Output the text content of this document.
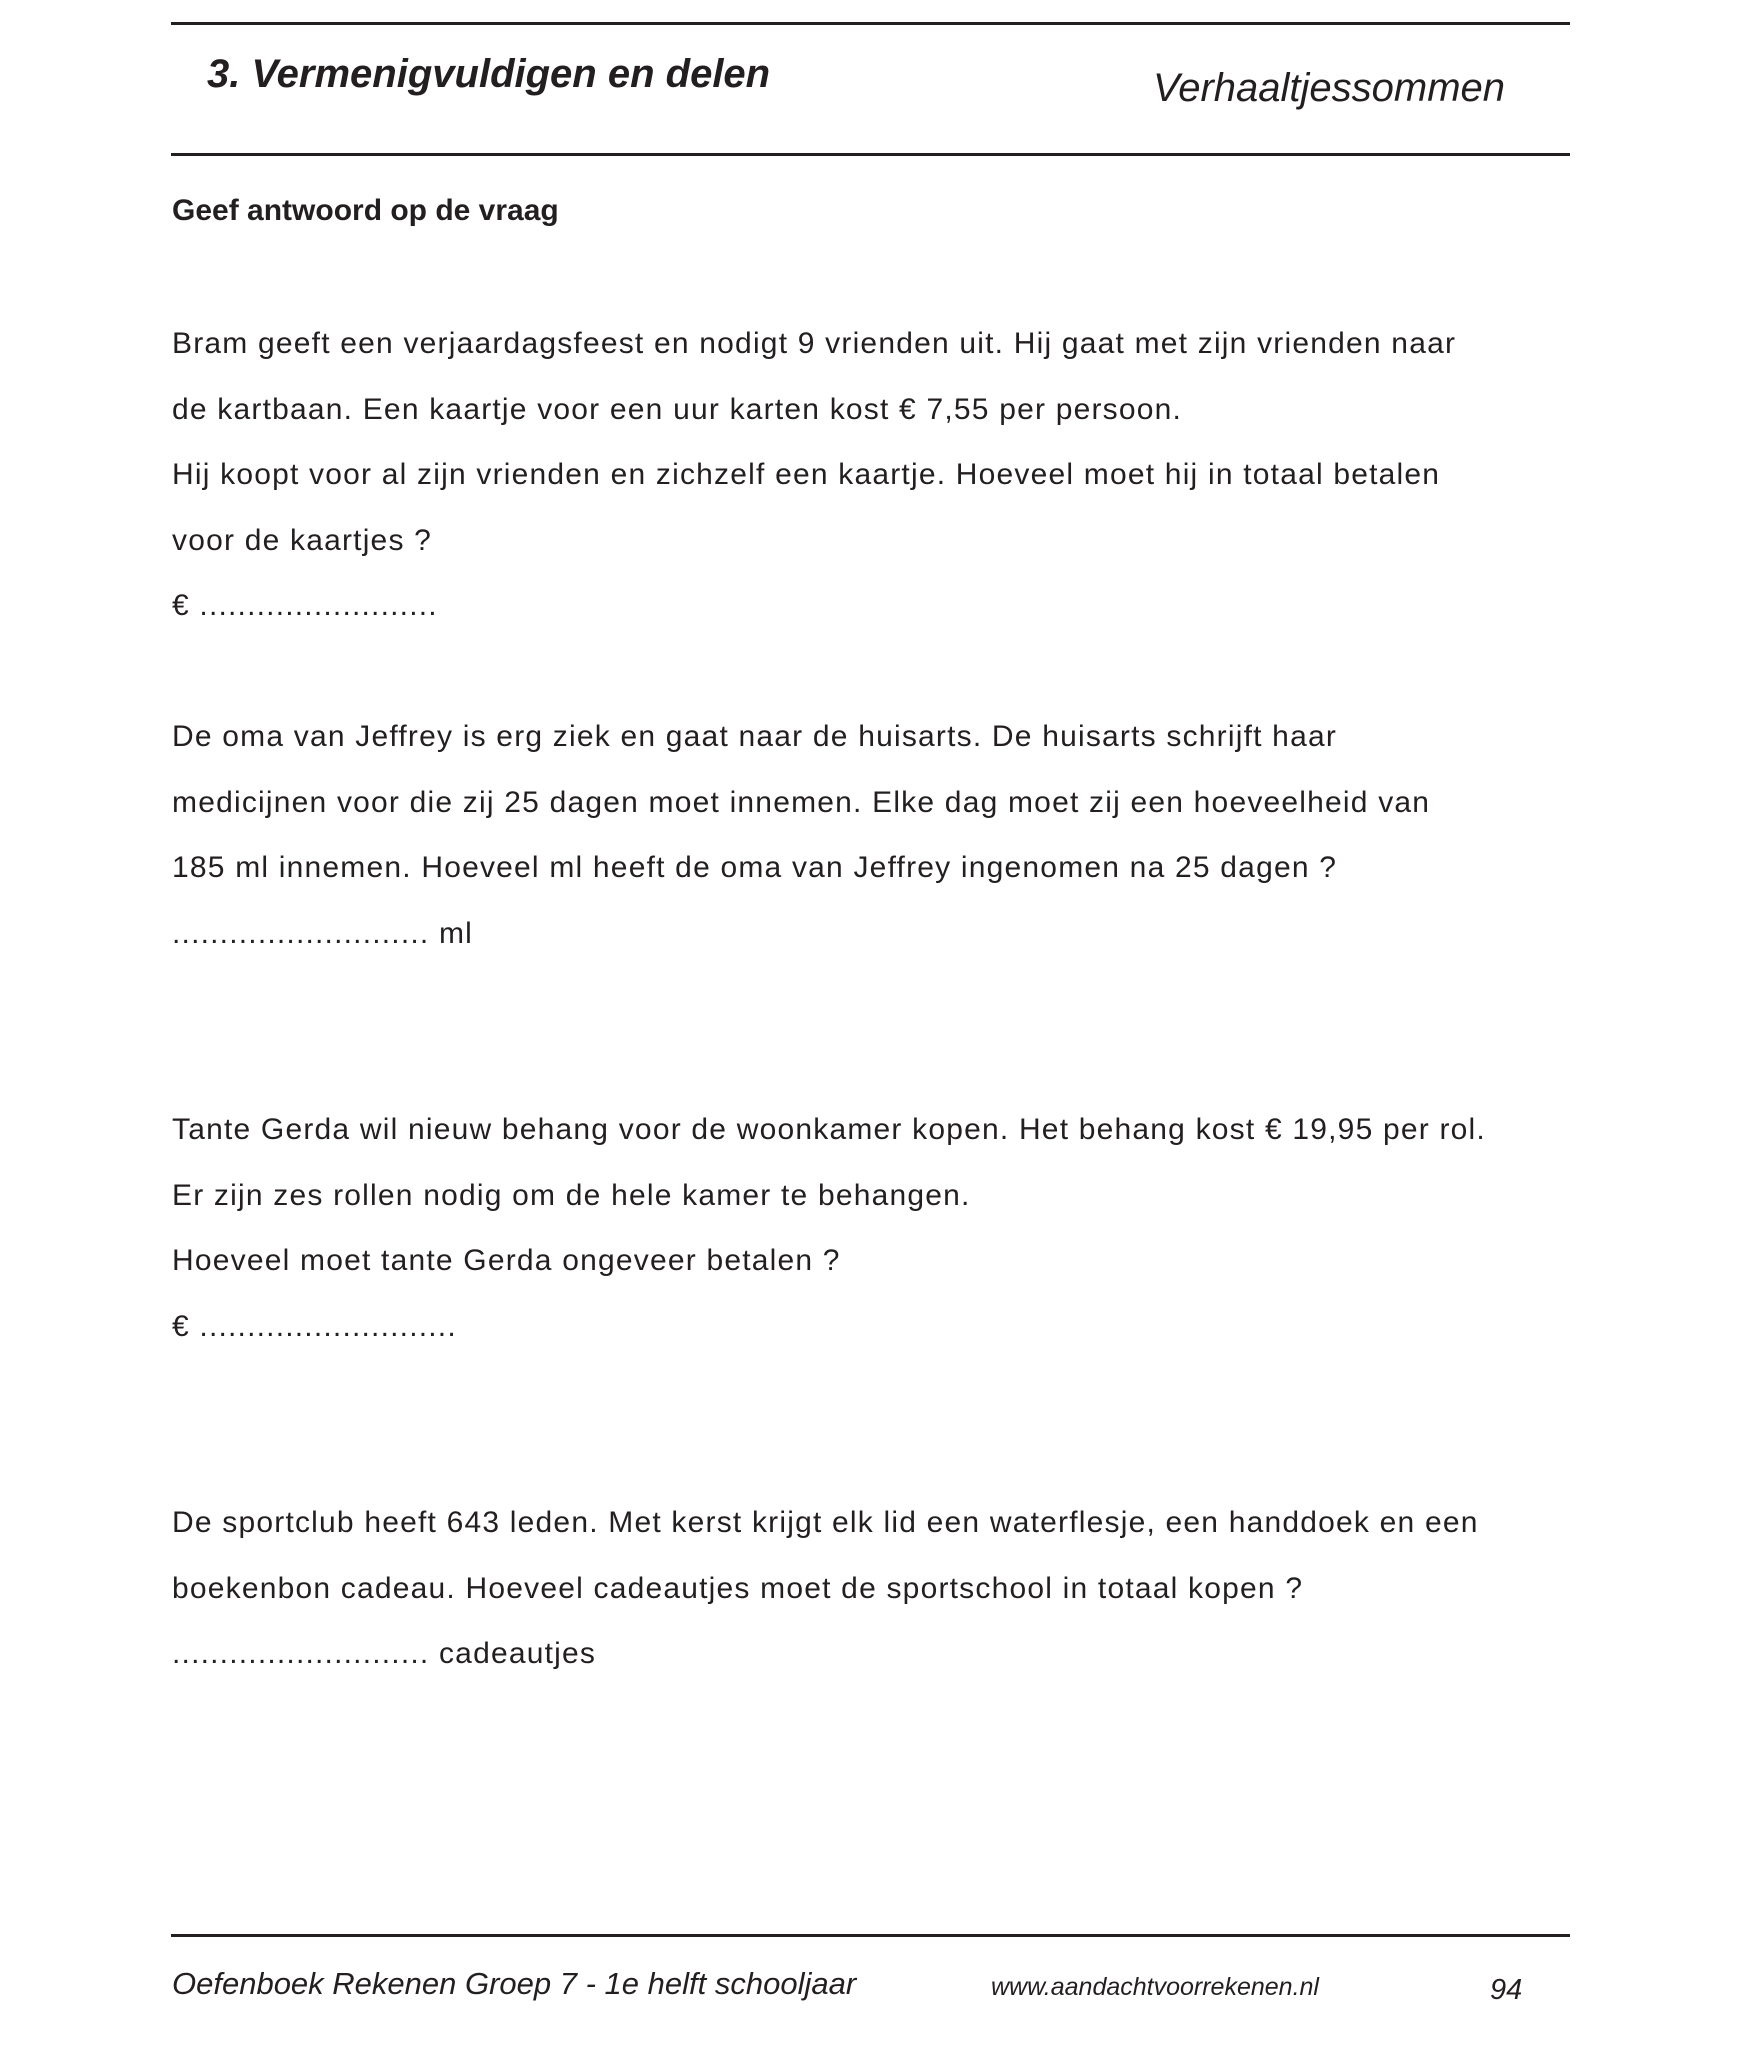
3. Vermenigvuldigen en delen	Verhaaltjessommen
Geef antwoord op de vraag
Bram geeft een verjaardagsfeest en nodigt 9 vrienden uit. Hij gaat met zijn vrienden naar
de kartbaan. Een kaartje voor een uur karten kost € 7,55 per persoon.
Hij koopt voor al zijn vrienden en zichzelf een kaartje. Hoeveel moet hij in totaal betalen
voor de kaartjes ?
€ .........................
De oma van Jeffrey is erg ziek en gaat naar de huisarts. De huisarts schrijft haar
medicijnen voor die zij 25 dagen moet innemen. Elke dag moet zij een hoeveelheid van
185 ml innemen. Hoeveel ml heeft de oma van Jeffrey ingenomen na 25 dagen ?
........................... ml
Tante Gerda wil nieuw behang voor de woonkamer kopen. Het behang kost € 19,95 per rol.
Er zijn zes rollen nodig om de hele kamer te behangen.
Hoeveel moet tante Gerda ongeveer betalen ?
€ ...........................
De sportclub heeft 643 leden. Met kerst krijgt elk lid een waterflesje, een handdoek en een
boekenbon cadeau. Hoeveel cadeautjes moet de sportschool in totaal kopen ?
........................... cadeautjes
Oefenboek Rekenen Groep 7 - 1e helft schooljaar	www.aandachtvoorrekenen.nl	94
